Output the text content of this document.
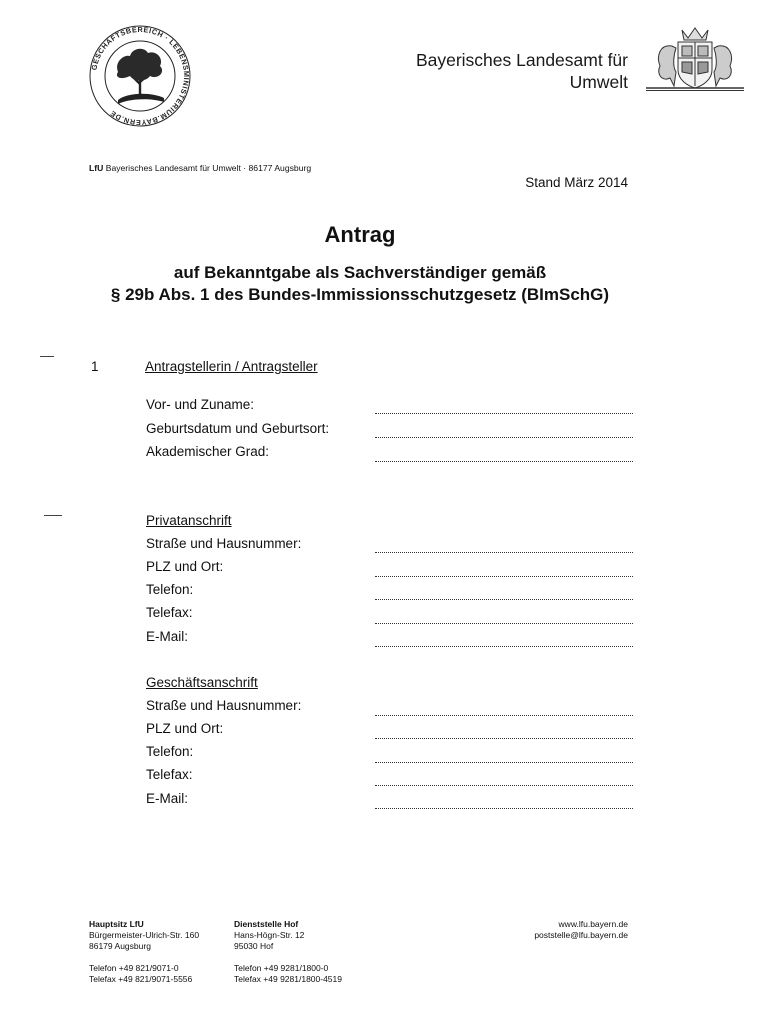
GESCHÄFTSBEREICH · LEBENSMINISTERIUM.BAYERN.DE
Bayerisches Landesamt für
Umwelt
LfU Bayerisches Landesamt für Umwelt · 86177 Augsburg
Stand März 2014
Antrag
auf Bekanntgabe als Sachverständiger gemäß
§ 29b Abs. 1 des Bundes-Immissionsschutzgesetz (BImSchG)
1	Antragstellerin / Antragsteller
Vor- und Zuname:
Geburtsdatum und Geburtsort:
Akademischer Grad:
Privatanschrift
Straße und Hausnummer:
PLZ und Ort:
Telefon:
Telefax:
E-Mail:
Geschäftsanschrift
Straße und Hausnummer:
PLZ und Ort:
Telefon:
Telefax:
E-Mail:
Hauptsitz LfU
Bürgermeister-Ulrich-Str. 160
86179 Augsburg
Telefon +49 821/9071-0
Telefax +49 821/9071-5556
Dienststelle Hof
Hans-Högn-Str. 12
95030 Hof
Telefon +49 9281/1800-0
Telefax +49 9281/1800-4519
www.lfu.bayern.de
poststelle@lfu.bayern.de
